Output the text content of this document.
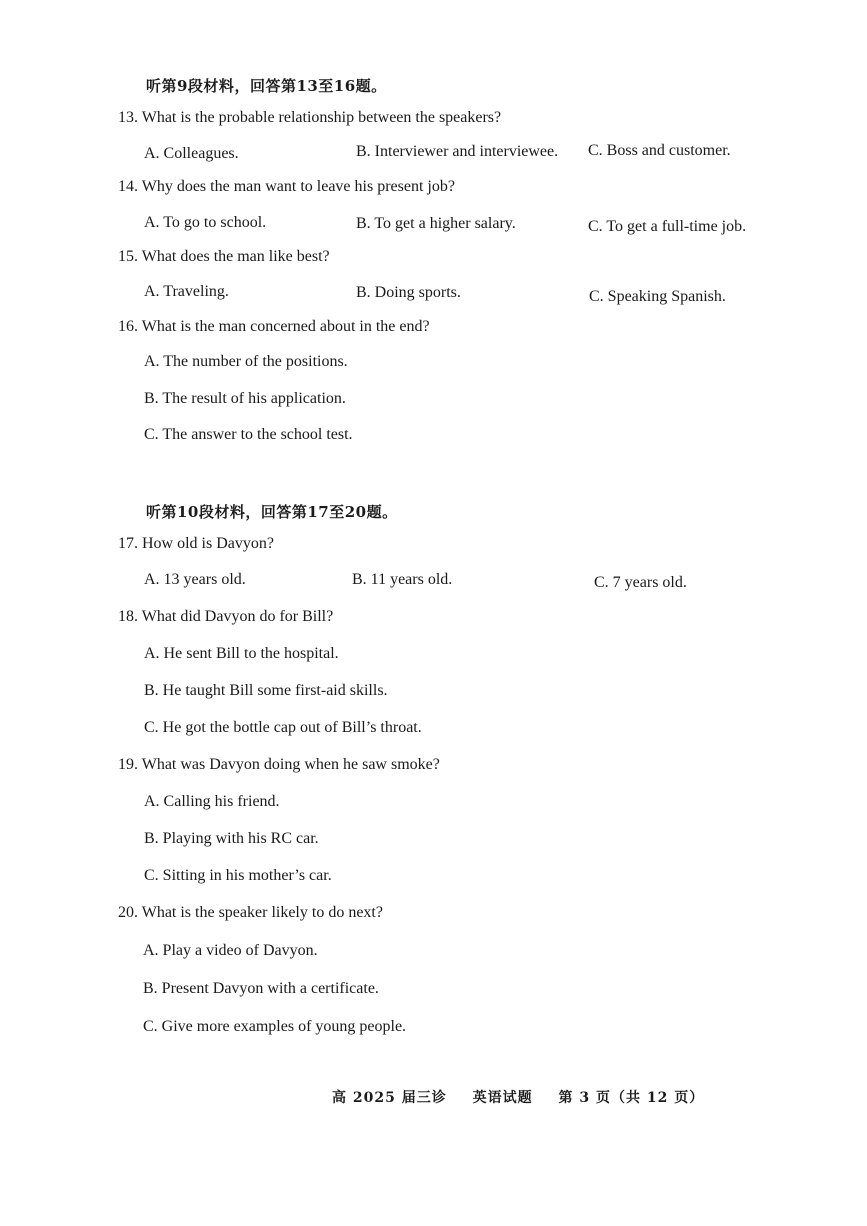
听第9段材料，回答第13至16题。
13. What is the probable relationship between the speakers?
A. Colleagues.	B. Interviewer and interviewee. C. Boss and customer.
14. Why does the man want to leave his present job?
A. To go to school.	B. To get a higher salary.	C. To get a full-time job.
15. What does the man like best?
A. Traveling.	B. Doing sports.	C. Speaking Spanish.
16. What is the man concerned about in the end?
A. The number of the positions.
B. The result of his application.
C. The answer to the school test.
听第10段材料，回答第17至20题。
17. How old is Davyon?
A. 13 years old.	B. 11 years old.	C. 7 years old.
18. What did Davyon do for Bill?
A. He sent Bill to the hospital.
B. He taught Bill some first-aid skills.
C. He got the bottle cap out of Bill’s throat.
19. What was Davyon doing when he saw smoke?
A. Calling his friend.
B. Playing with his RC car.
C. Sitting in his mother’s car.
20. What is the speaker likely to do next?
A. Play a video of Davyon.
B. Present Davyon with a certificate.
C. Give more examples of young people.
高 2025 届三诊 英语试题 第 3 页（共 12 页）
